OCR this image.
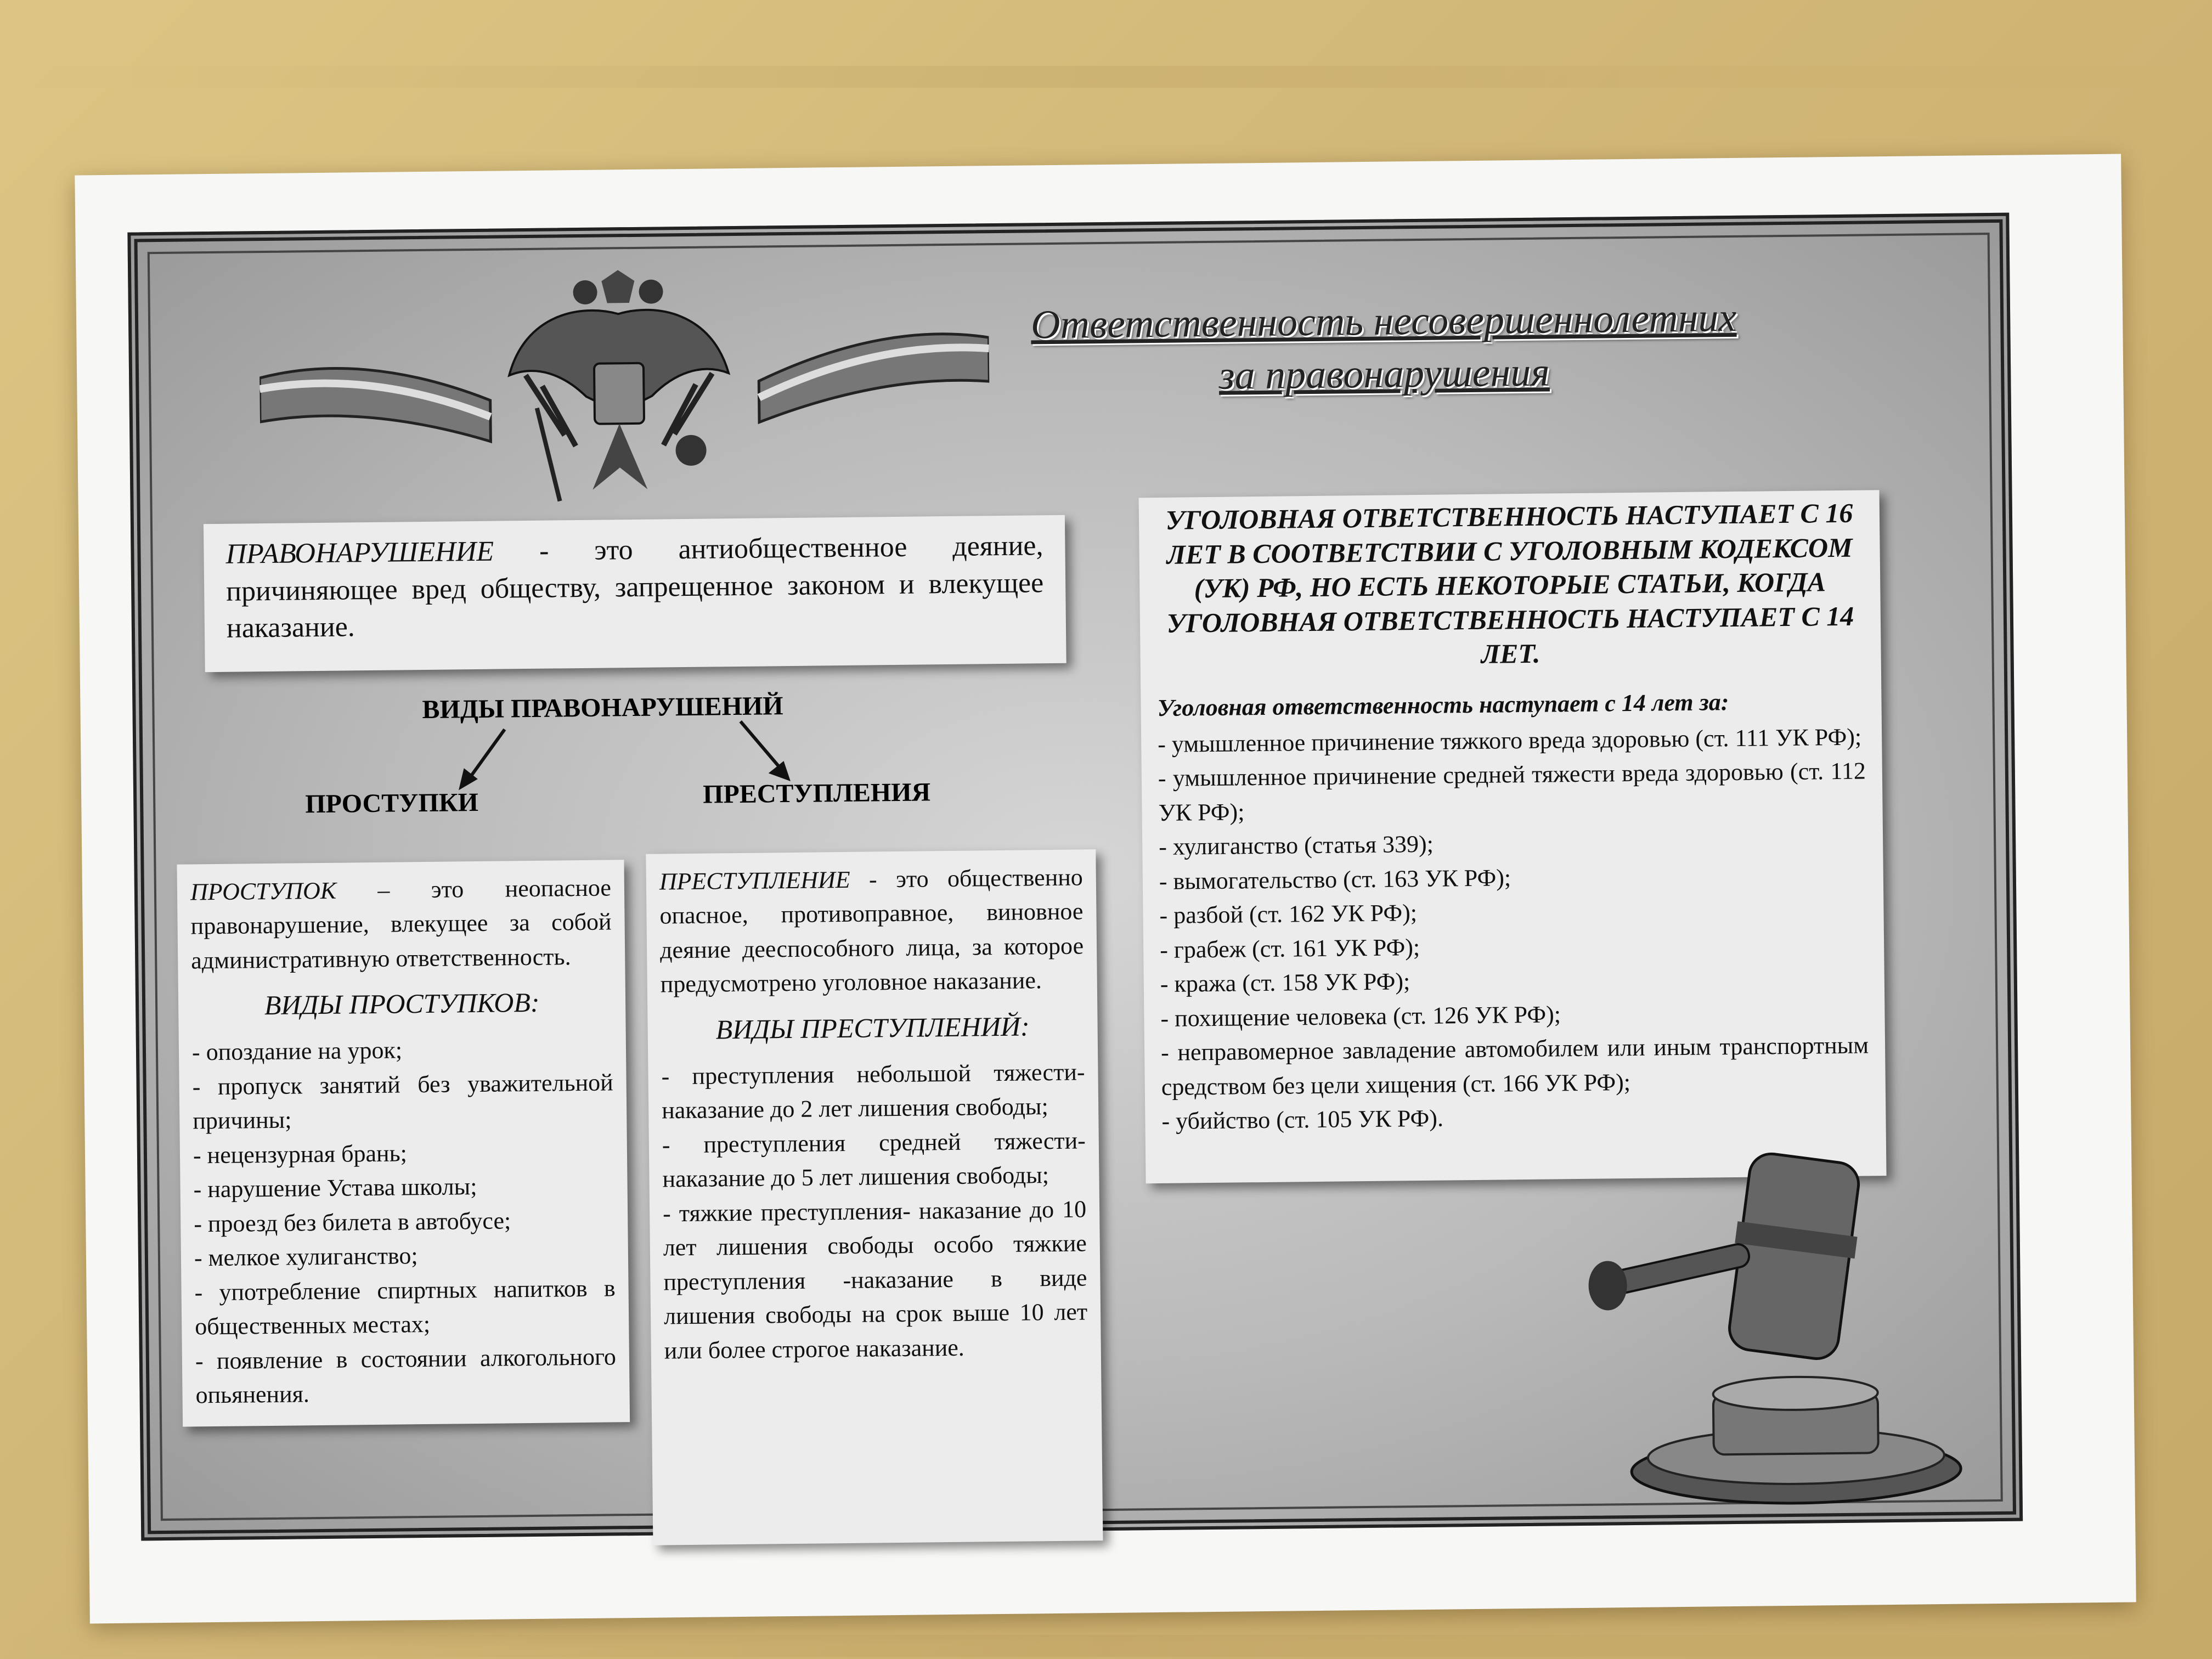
Ответственность несовершеннолетних
за правонарушения
ПРАВОНАРУШЕНИЕ - это антиобщественное деяние, причиняющее вред обществу, запрещенное законом и влекущее наказание.
ВИДЫ ПРАВОНАРУШЕНИЙ
ПРОСТУПКИ	ПРЕСТУПЛЕНИЯ

ПРОСТУПОК – это неопасное правонарушение, влекущее за собой административную ответственность.

ВИДЫ ПРОСТУПКОВ:
- опоздание на урок;
- пропуск занятий без уважительной причины;
- нецензурная брань;
- нарушение Устава школы;
- проезд без билета в автобусе;
- мелкое хулиганство;
- употребление спиртных напитков в общественных местах;
- появление в состоянии алкогольного опьянения.

ПРЕСТУПЛЕНИЕ - это общественно опасное, противоправное, виновное деяние дееспособного лица, за которое предусмотрено уголовное наказание.

ВИДЫ ПРЕСТУПЛЕНИЙ:
- преступления небольшой тяжести- наказание до 2 лет лишения свободы;
- преступления средней тяжести- наказание до 5 лет лишения свободы;
- тяжкие преступления- наказание до 10 лет лишения свободы особо тяжкие преступления -наказание в виде лишения свободы на срок выше 10 лет или более строгое наказание.
УГОЛОВНАЯ ОТВЕТСТВЕННОСТЬ НАСТУПАЕТ С 16 ЛЕТ В СООТВЕТСТВИИ С УГОЛОВНЫМ КОДЕКСОМ (УК) РФ, НО ЕСТЬ НЕКОТОРЫЕ СТАТЬИ, КОГДА УГОЛОВНАЯ ОТВЕТСТВЕННОСТЬ НАСТУПАЕТ С 14 ЛЕТ.

Уголовная ответственность наступает с 14 лет за:

- умышленное причинение тяжкого вреда здоровью (ст. 111 УК РФ);
- умышленное причинение средней тяжести вреда здоровью (ст. 112 УК РФ);
- хулиганство (статья 339);
- вымогательство (ст. 163 УК РФ);
- разбой (ст. 162 УК РФ);
- грабеж (ст. 161 УК РФ);
- кража (ст. 158 УК РФ);
- похищение человека (ст. 126 УК РФ);
- неправомерное завладение автомобилем или иным транспортным средством без цели хищения (ст. 166 УК РФ);
- убийство (ст. 105 УК РФ).
